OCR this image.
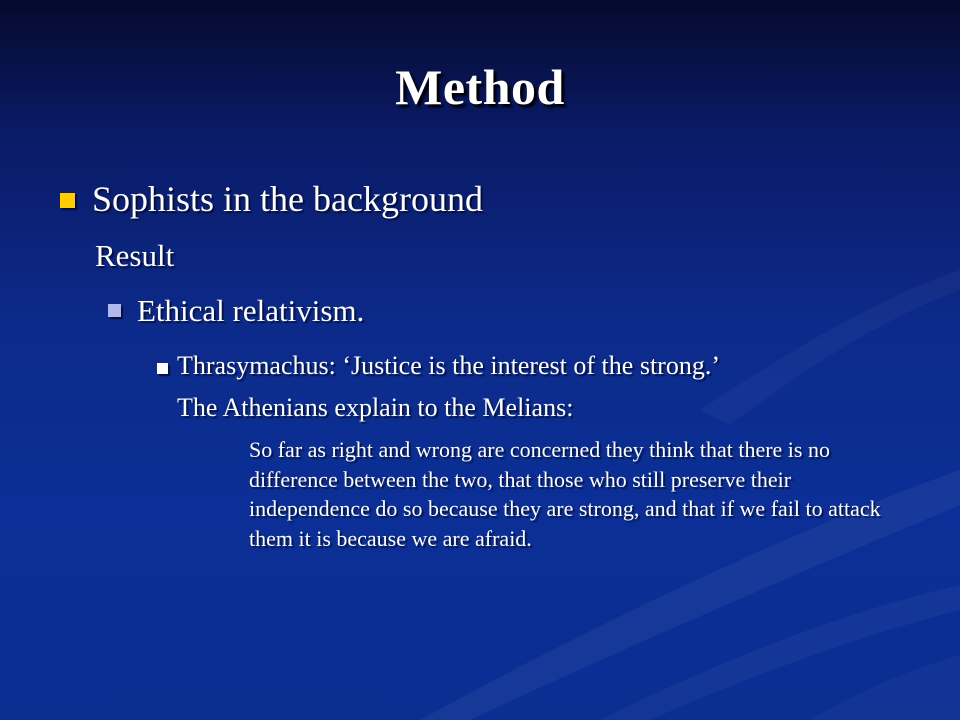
Method
Sophists in the background
Result
Ethical relativism.
Thrasymachus: ‘Justice is the interest of the strong.’
The Athenians explain to the Melians:
So far as right and wrong are concerned they think that there is no difference between the two, that those who still preserve their independence do so because they are strong, and that if we fail to attack them it is because we are afraid.
